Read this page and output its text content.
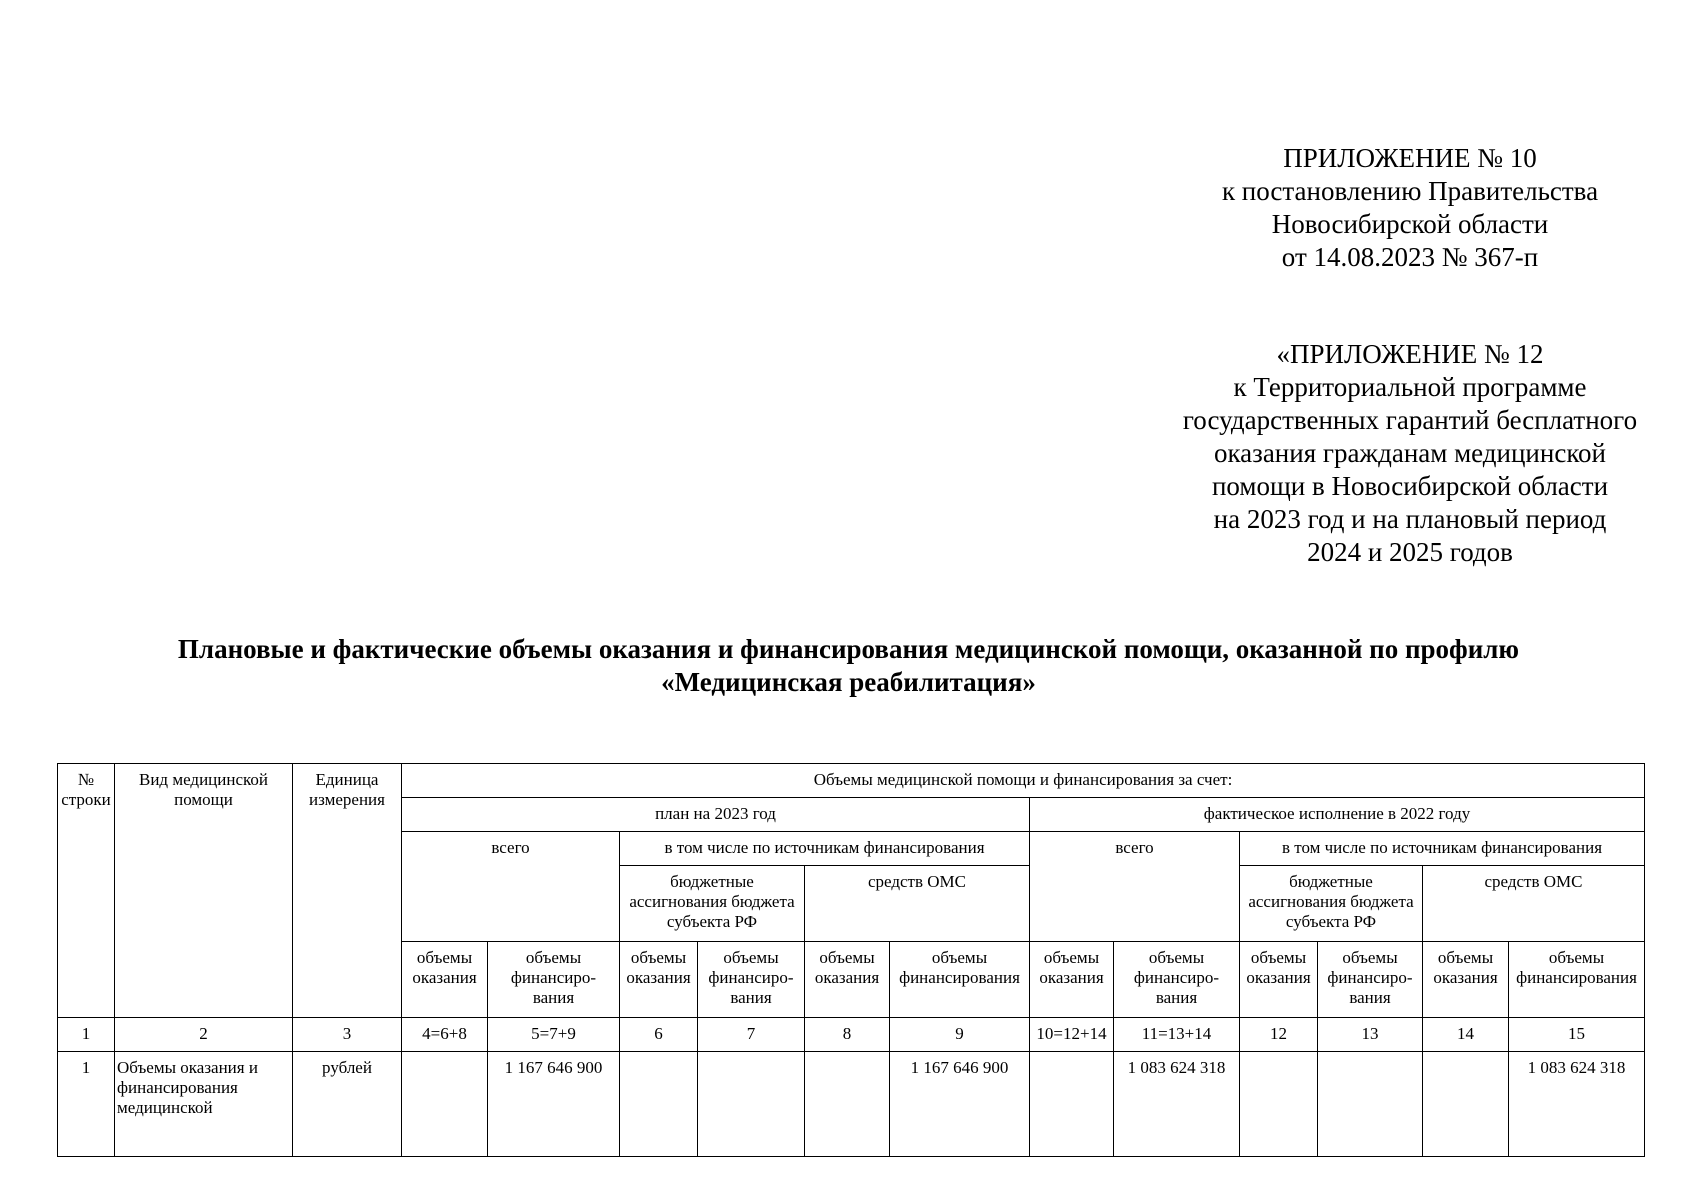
ПРИЛОЖЕНИЕ № 10
к постановлению Правительства
Новосибирской области
от 14.08.2023 № 367-п
«ПРИЛОЖЕНИЕ № 12
к Территориальной программе
государственных гарантий бесплатного
оказания гражданам медицинской
помощи в Новосибирской области
на 2023 год и на плановый период
2024 и 2025 годов
Плановые и фактические объемы оказания и финансирования медицинской помощи, оказанной по профилю
«Медицинская реабилитация»
№ строки	Вид медицинской помощи	Единица измерения	Объемы медицинской помощи и финансирования за счет:											
			план на 2023 год						фактическое исполнение в 2022 году					
			всего		в том числе по источникам финансирования				всего		в том числе по источникам финансирования			
					бюджетные ассигнования бюджета субъекта РФ		средств ОМС				бюджетные ассигнования бюджета субъекта РФ		средств ОМС	
			объемы оказания	объемы финансиро- вания	объемы оказания	объемы финансиро- вания	объемы оказания	объемы финансирования	объемы оказания	объемы финансиро- вания	объемы оказания	объемы финансиро- вания	объемы оказания	объемы финансирования
1	2	3	4=6+8	5=7+9	6	7	8	9	10=12+14	11=13+14	12	13	14	15
1	Объемы оказания и финансирования медицинской	рублей		1 167 646 900				1 167 646 900		1 083 624 318				1 083 624 318
